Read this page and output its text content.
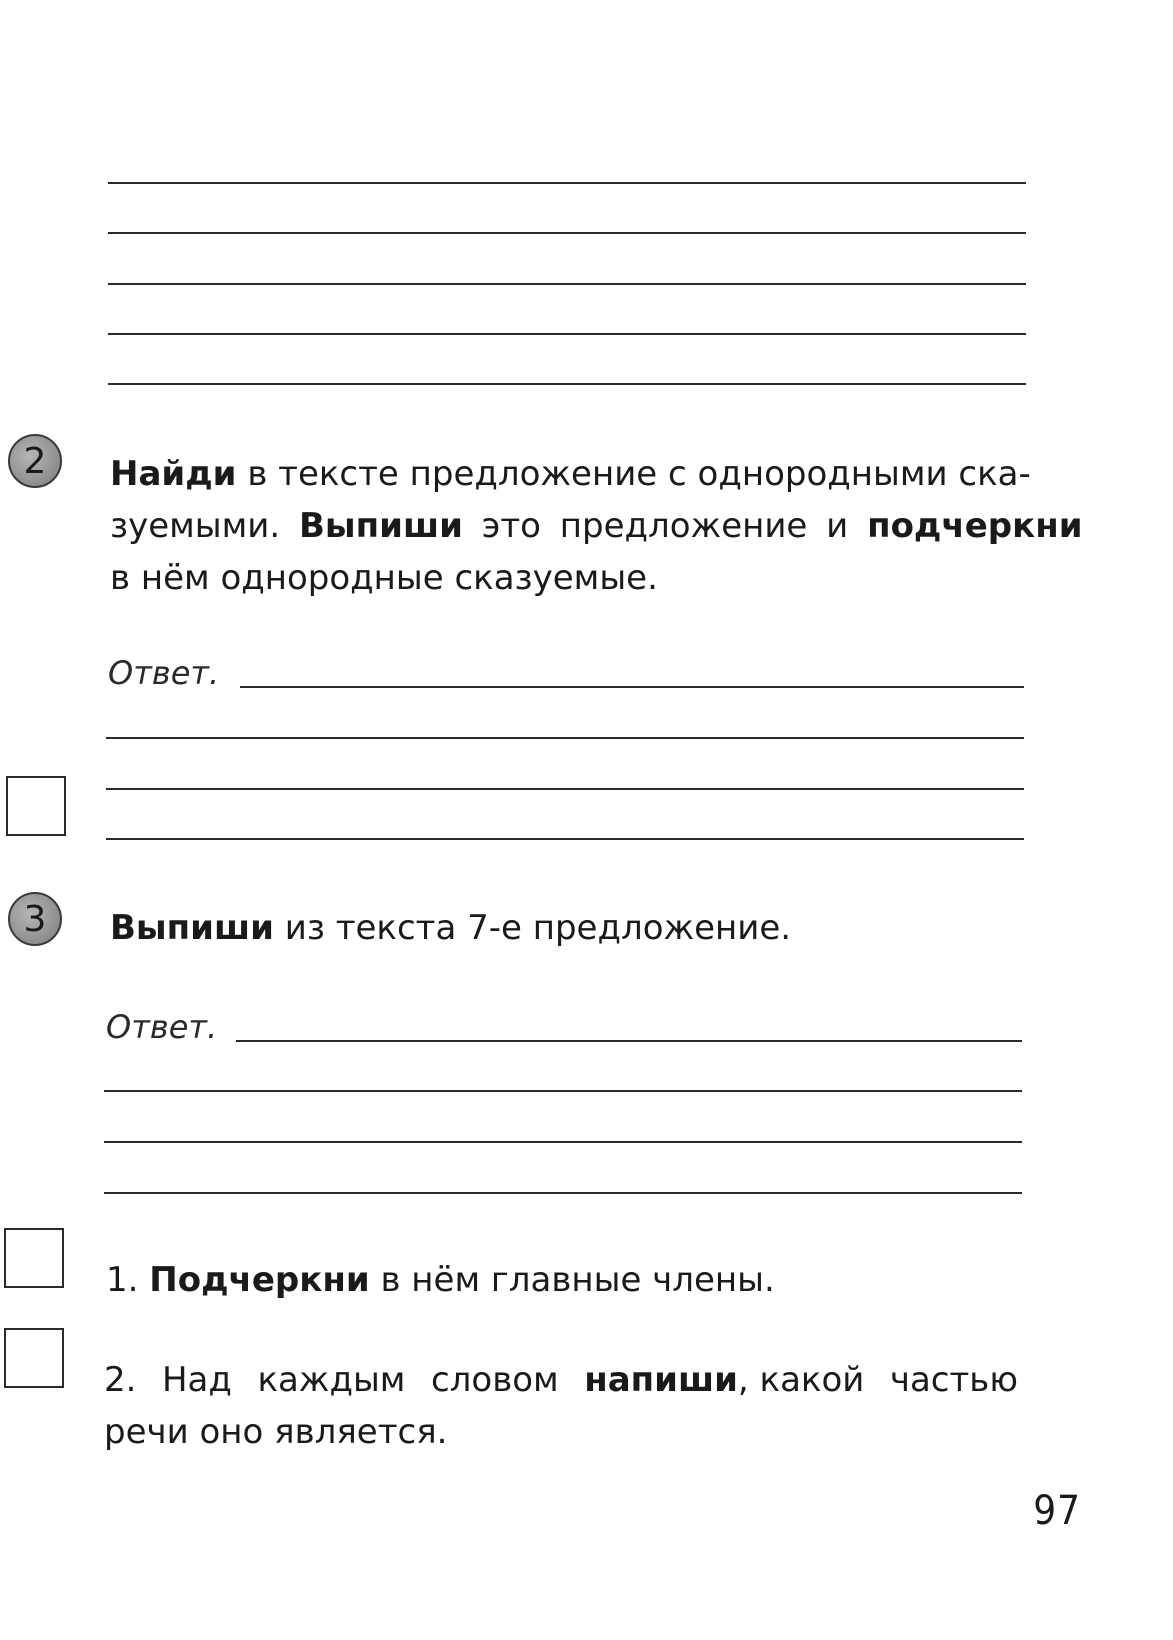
2 Найди в тексте предложение с однородными ска-
зуемыми. Выпиши это предложение и подчеркни
в нём однородные сказуемые.
Ответ.
3 Выпиши из текста 7-е предложение.
Ответ.
1. Подчеркни в нём главные члены.
2. Над каждым словом напиши, какой частью
речи оно является.
97
